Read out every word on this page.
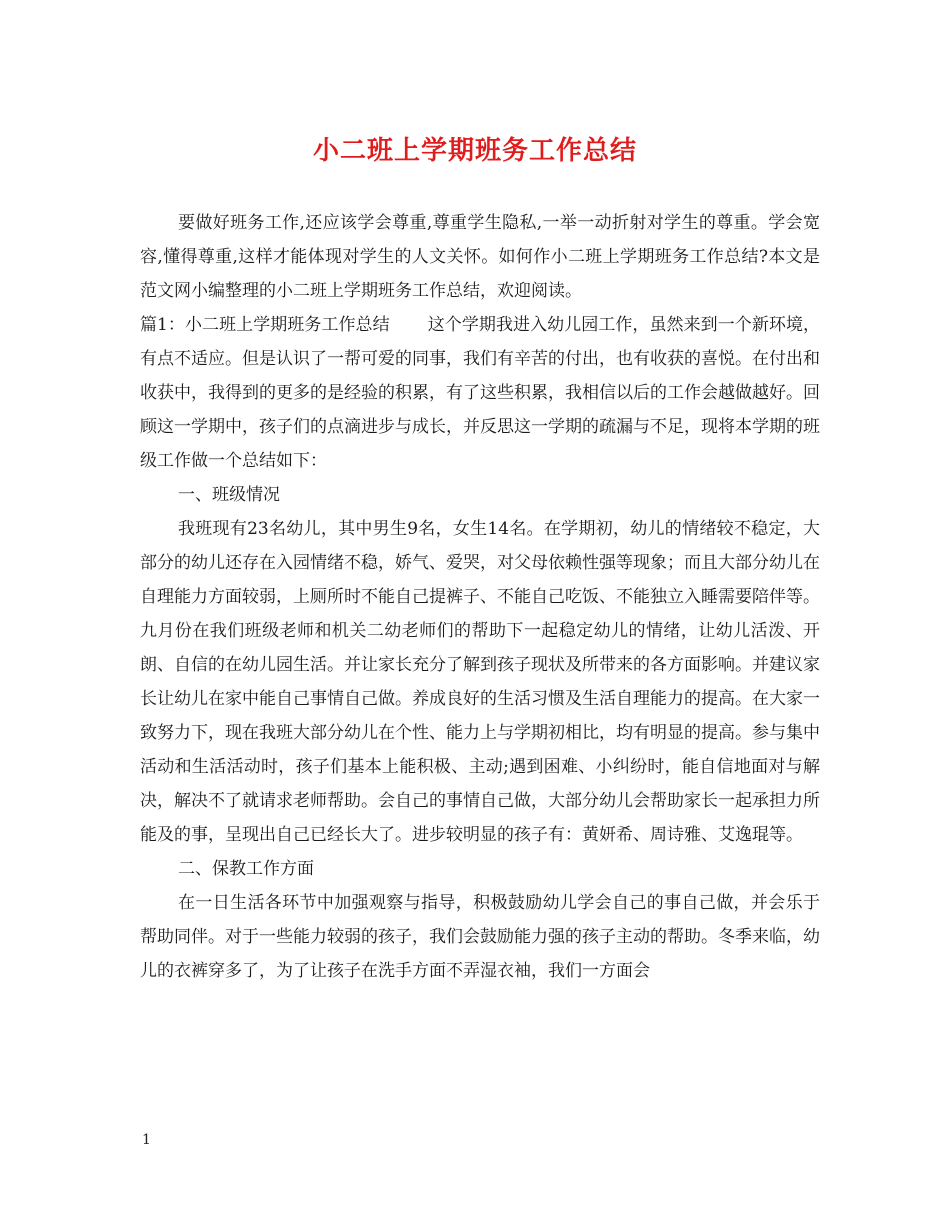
小二班上学期班务工作总结

要做好班务工作,还应该学会尊重,尊重学生隐私,一举一动折射对学生的尊重。学会宽容,懂得尊重,这样才能体现对学生的人文关怀。如何作小二班上学期班务工作总结?本文是范文网小编整理的小二班上学期班务工作总结，欢迎阅读。

篇1：小二班上学期班务工作总结 这个学期我进入幼儿园工作，虽然来到一个新环境，有点不适应。但是认识了一帮可爱的同事，我们有辛苦的付出，也有收获的喜悦。在付出和收获中，我得到的更多的是经验的积累，有了这些积累，我相信以后的工作会越做越好。回顾这一学期中，孩子们的点滴进步与成长，并反思这一学期的疏漏与不足，现将本学期的班级工作做一个总结如下：

一、班级情况

我班现有23名幼儿，其中男生9名，女生14名。在学期初，幼儿的情绪较不稳定，大部分的幼儿还存在入园情绪不稳，娇气、爱哭，对父母依赖性强等现象；而且大部分幼儿在自理能力方面较弱，上厕所时不能自己提裤子、不能自己吃饭、不能独立入睡需要陪伴等。九月份在我们班级老师和机关二幼老师们的帮助下一起稳定幼儿的情绪，让幼儿活泼、开朗、自信的在幼儿园生活。并让家长充分了解到孩子现状及所带来的各方面影响。并建议家长让幼儿在家中能自己事情自己做。养成良好的生活习惯及生活自理能力的提高。在大家一致努力下，现在我班大部分幼儿在个性、能力上与学期初相比，均有明显的提高。参与集中活动和生活活动时，孩子们基本上能积极、主动;遇到困难、小纠纷时，能自信地面对与解决，解决不了就请求老师帮助。会自己的事情自己做，大部分幼儿会帮助家长一起承担力所能及的事，呈现出自己已经长大了。进步较明显的孩子有：黄妍希、周诗雅、艾逸琨等。

二、保教工作方面

在一日生活各环节中加强观察与指导，积极鼓励幼儿学会自己的事自己做，并会乐于帮助同伴。对于一些能力较弱的孩子，我们会鼓励能力强的孩子主动的帮助。冬季来临，幼儿的衣裤穿多了，为了让孩子在洗手方面不弄湿衣袖，我们一方面会

1
